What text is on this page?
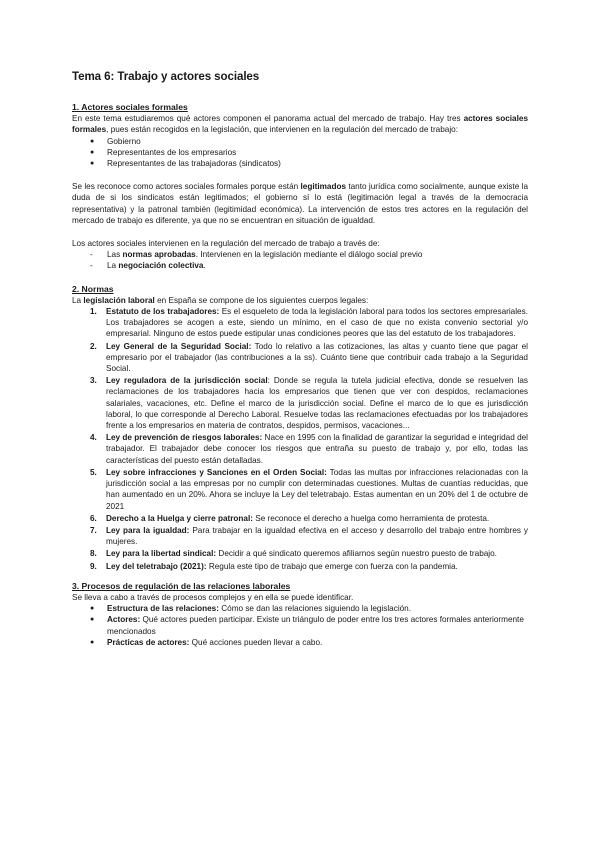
Tema 6: Trabajo y actores sociales
1. Actores sociales formales

En este tema estudiaremos qué actores componen el panorama actual del mercado de trabajo. Hay tres actores sociales formales, pues están recogidos en la legislación, que intervienen en la regulación del mercado de trabajo:

● Gobierno
● Representantes de los empresarios
● Representantes de las trabajadoras (sindicatos)

Se les reconoce como actores sociales formales porque están legitimados tanto jurídica como socialmente, aunque existe la duda de si los sindicatos están legitimados; el gobierno sí lo está (legitimación legal a través de la democracia representativa) y la patronal también (legitimidad económica). La intervención de estos tres actores en la regulación del mercado de trabajo es diferente, ya que no se encuentran en situación de igualdad.

Los actores sociales intervienen en la regulación del mercado de trabajo a través de:

- Las normas aprobadas. Intervienen en la legislación mediante el diálogo social previo
- La negociación colectiva.
2. Normas

La legislación laboral en España se compone de los siguientes cuerpos legales:

1. Estatuto de los trabajadores: Es el esqueleto de toda la legislación laboral para todos los sectores empresariales. Los trabajadores se acogen a este, siendo un mínimo, en el caso de que no exista convenio sectorial y/o empresarial. Ninguno de estos puede estipular unas condiciones peores que las del estatuto de los trabajadores.
2. Ley General de la Seguridad Social: Todo lo relativo a las cotizaciones, las altas y cuanto tiene que pagar el empresario por el trabajador (las contribuciones a la ss). Cuánto tiene que contribuir cada trabajo a la Seguridad Social.
3. Ley reguladora de la jurisdicción social: Donde se regula la tutela judicial efectiva, donde se resuelven las reclamaciones de los trabajadores hacia los empresarios que tienen que ver con despidos, reclamaciones salariales, vacaciones, etc. Define el marco de la jurisdicción social. Define el marco de lo que es jurisdicción laboral, lo que corresponde al Derecho Laboral. Resuelve todas las reclamaciones efectuadas por los trabajadores frente a los empresarios en materia de contratos, despidos, permisos, vacaciones...
4. Ley de prevención de riesgos laborales: Nace en 1995 con la finalidad de garantizar la seguridad e integridad del trabajador. El trabajador debe conocer los riesgos que entraña su puesto de trabajo y, por ello, todas las características del puesto están detalladas.
5. Ley sobre infracciones y Sanciones en el Orden Social: Todas las multas por infracciones relacionadas con la jurisdicción social a las empresas por no cumplir con determinadas cuestiones. Multas de cuantías reducidas, que han aumentado en un 20%. Ahora se incluye la Ley del teletrabajo. Estas aumentan en un 20% del 1 de octubre de 2021
6. Derecho a la Huelga y cierre patronal: Se reconoce el derecho a huelga como herramienta de protesta.
7. Ley para la igualdad: Para trabajar en la igualdad efectiva en el acceso y desarrollo del trabajo entre hombres y mujeres.
8. Ley para la libertad sindical: Decidir a qué sindicato queremos afiliarnos según nuestro puesto de trabajo.
9. Ley del teletrabajo (2021): Regula este tipo de trabajo que emerge con fuerza con la pandemia.
3. Procesos de regulación de las relaciones laborales

Se lleva a cabo a través de procesos complejos y en ella se puede identificar.

● Estructura de las relaciones: Cómo se dan las relaciones siguiendo la legislación.
● Actores: Qué actores pueden participar. Existe un triángulo de poder entre los tres actores formales anteriormente mencionados
● Prácticas de actores: Qué acciones pueden llevar a cabo.
